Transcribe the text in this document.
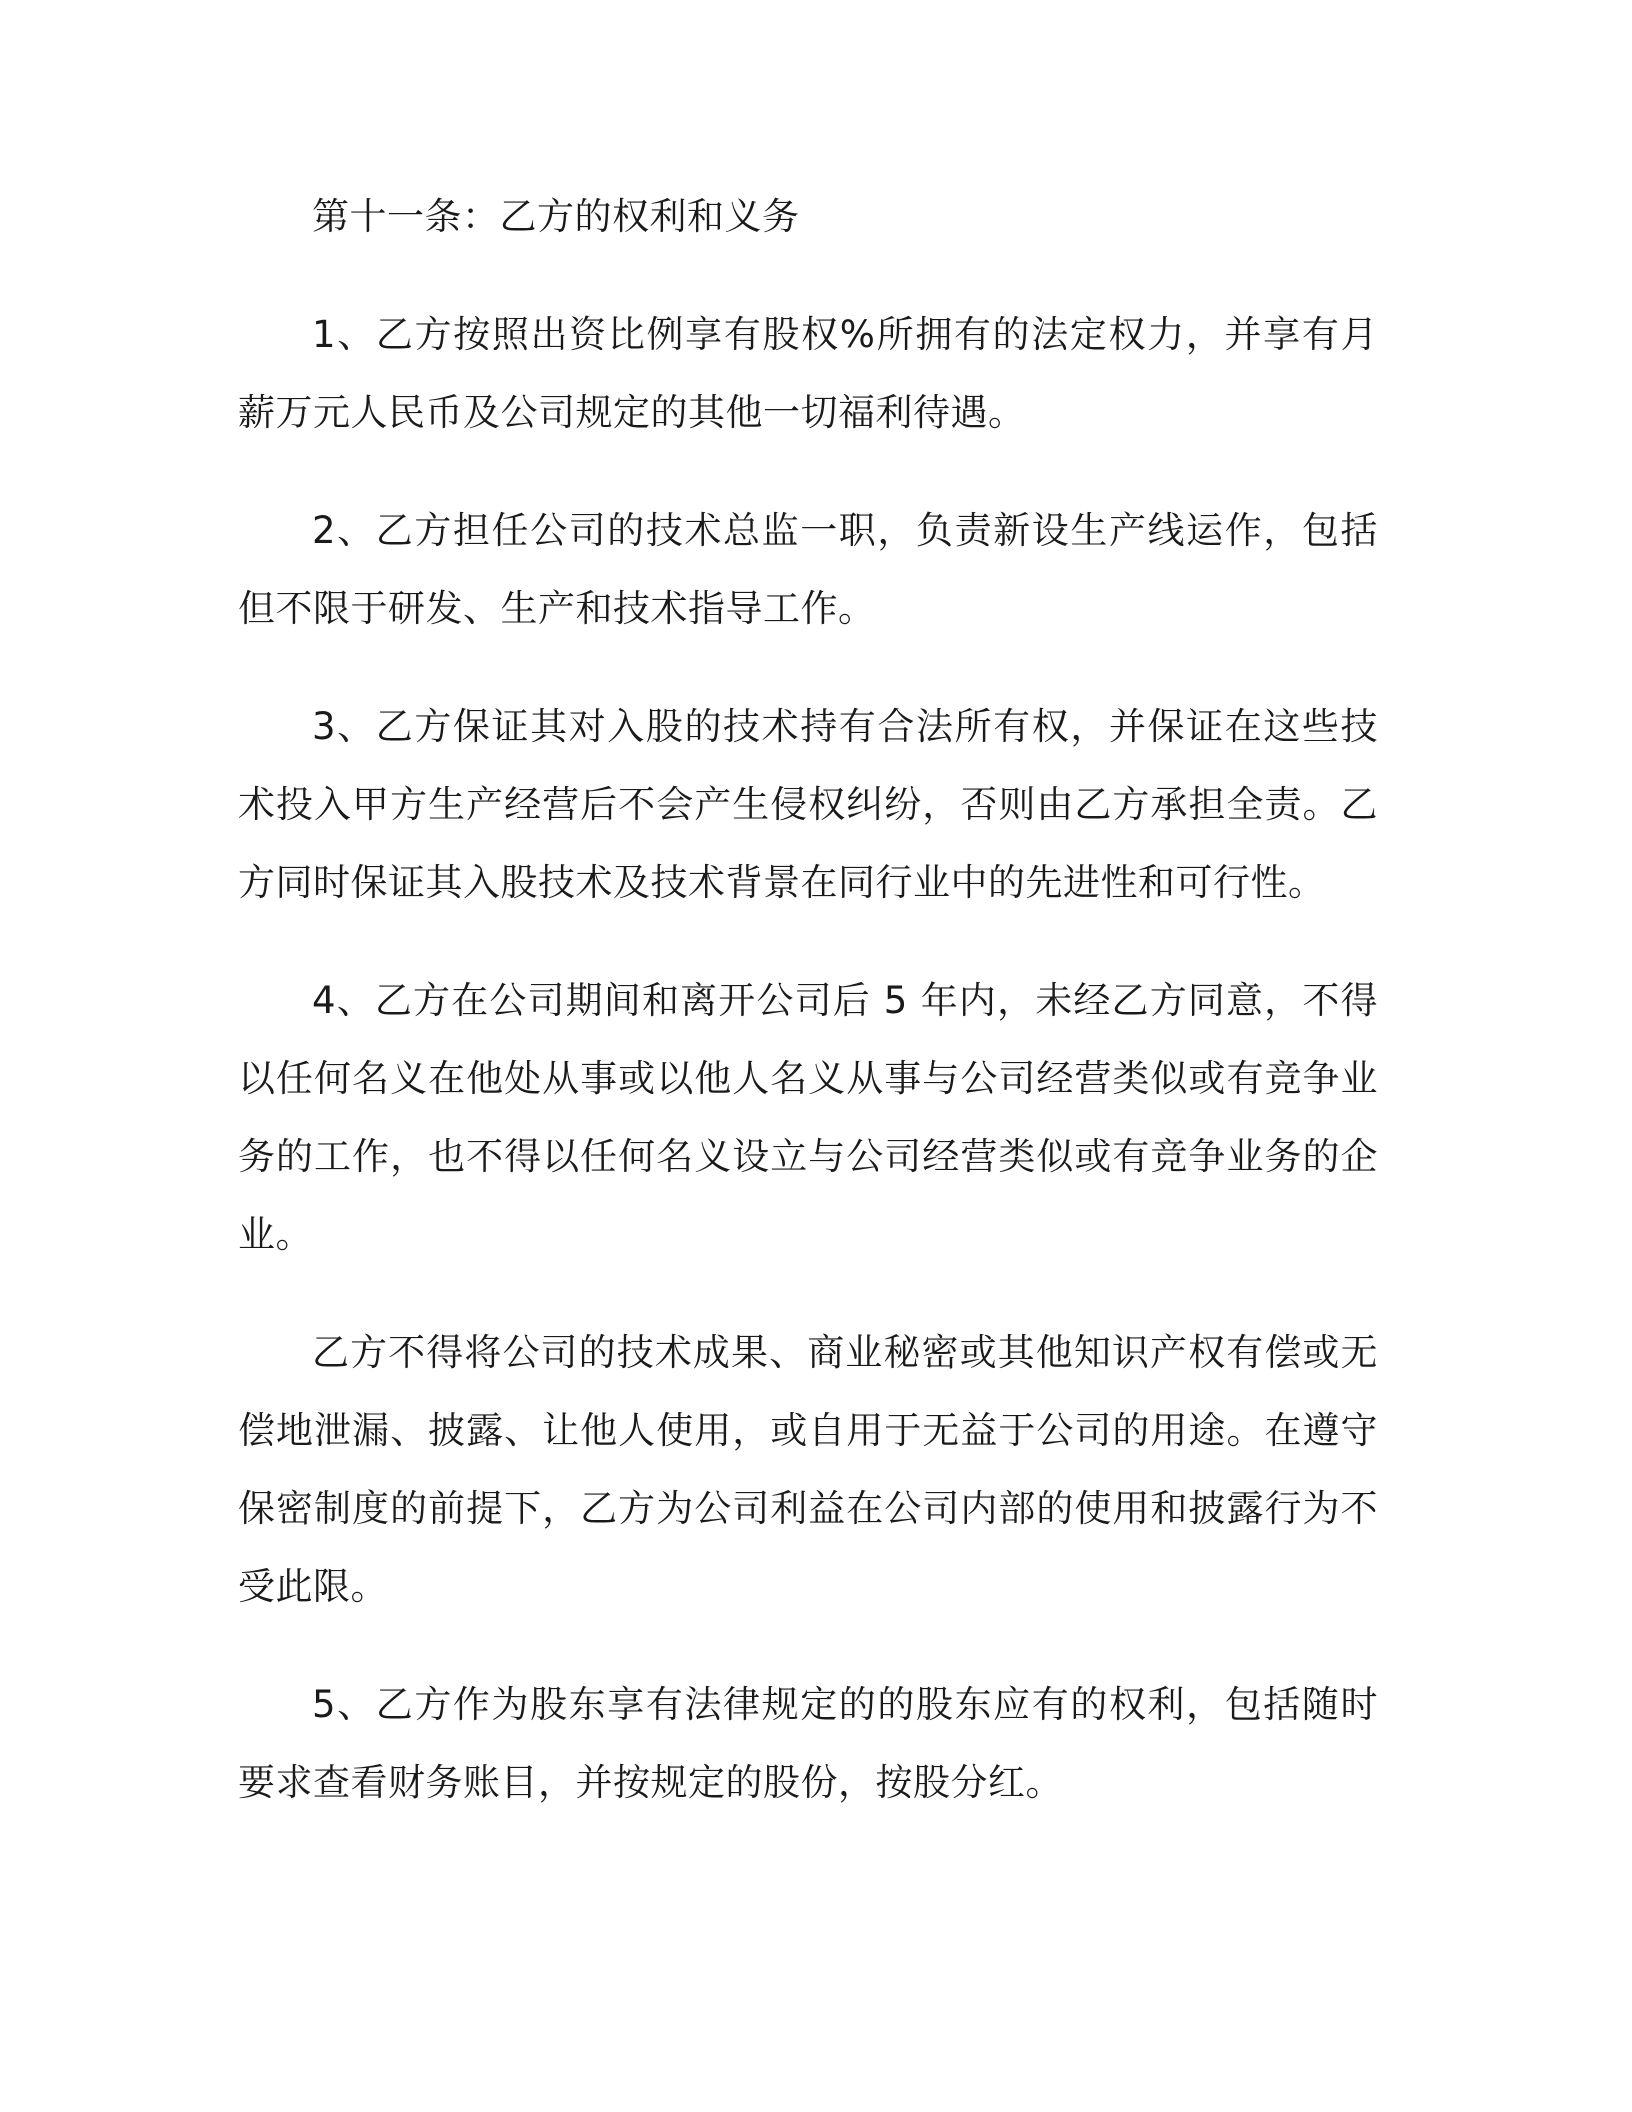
第十一条：乙方的权利和义务

1、乙方按照出资比例享有股权%所拥有的法定权力，并享有月薪万元人民币及公司规定的其他一切福利待遇。

2、乙方担任公司的技术总监一职，负责新设生产线运作，包括但不限于研发、生产和技术指导工作。

3、乙方保证其对入股的技术持有合法所有权，并保证在这些技术投入甲方生产经营后不会产生侵权纠纷，否则由乙方承担全责。乙方同时保证其入股技术及技术背景在同行业中的先进性和可行性。

4、乙方在公司期间和离开公司后 5 年内，未经乙方同意，不得以任何名义在他处从事或以他人名义从事与公司经营类似或有竞争业务的工作，也不得以任何名义设立与公司经营类似或有竞争业务的企业。

乙方不得将公司的技术成果、商业秘密或其他知识产权有偿或无偿地泄漏、披露、让他人使用，或自用于无益于公司的用途。在遵守保密制度的前提下，乙方为公司利益在公司内部的使用和披露行为不受此限。

5、乙方作为股东享有法律规定的的股东应有的权利，包括随时要求查看财务账目，并按规定的股份，按股分红。
